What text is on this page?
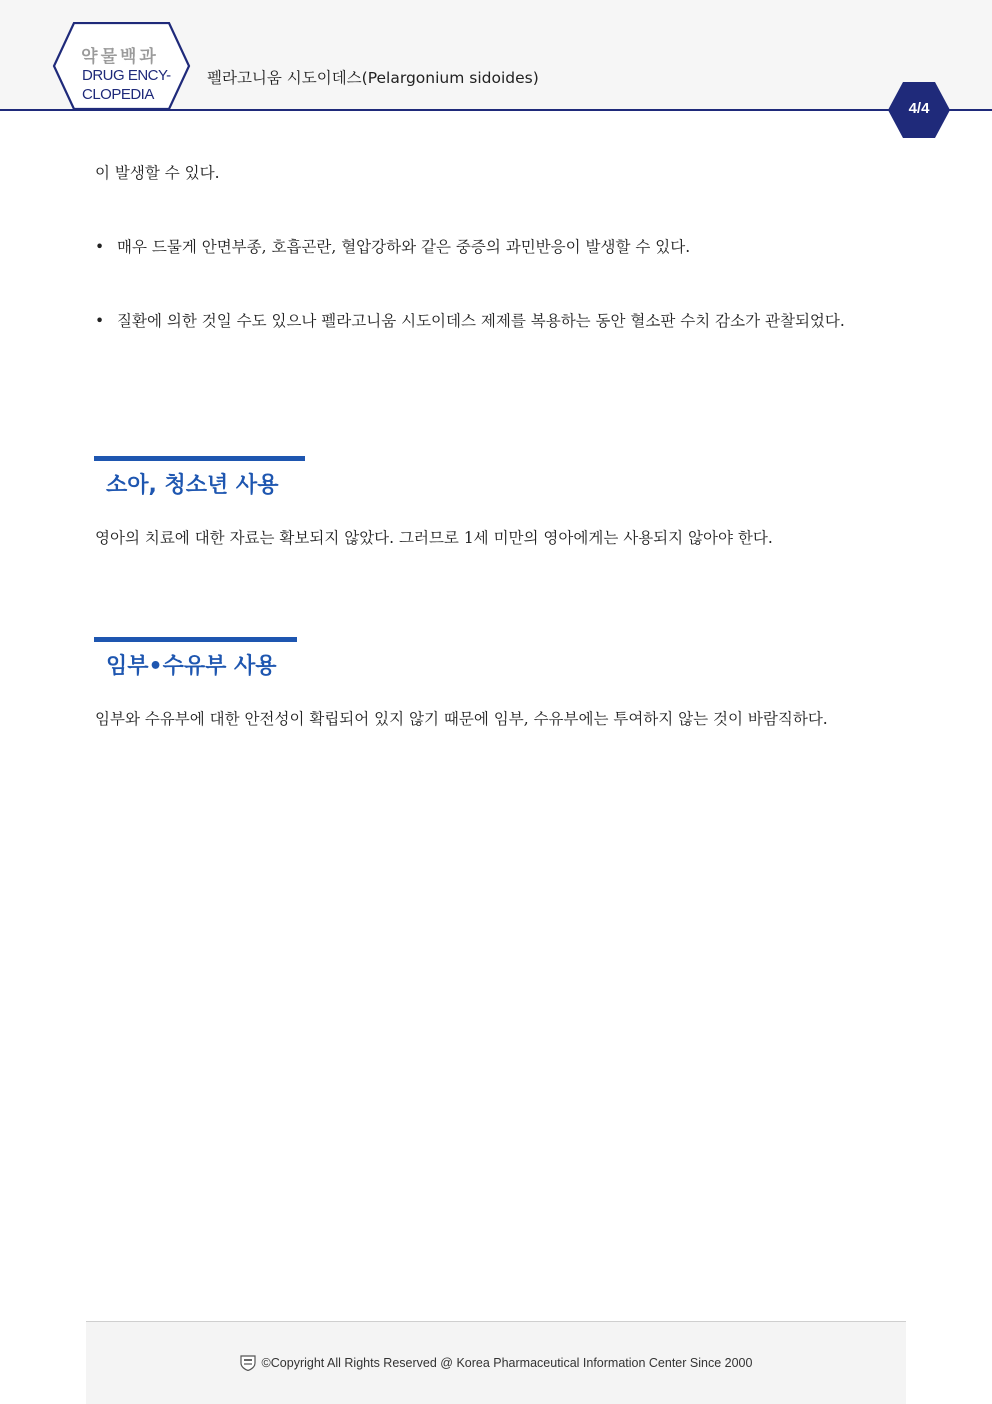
약물백과
DRUG ENCY-
CLOPEDIA
펠라고니움 시도이데스(Pelargonium sidoides)
4/4
이 발생할 수 있다.
• 매우 드물게 안면부종, 호흡곤란, 혈압강하와 같은 중증의 과민반응이 발생할 수 있다.
• 질환에 의한 것일 수도 있으나 펠라고니움 시도이데스 제제를 복용하는 동안 혈소판 수치 감소가 관찰되었다.
소아, 청소년 사용
영아의 치료에 대한 자료는 확보되지 않았다. 그러므로 1세 미만의 영아에게는 사용되지 않아야 한다.
임부•수유부 사용
임부와 수유부에 대한 안전성이 확립되어 있지 않기 때문에 임부, 수유부에는 투여하지 않는 것이 바람직하다.
©Copyright All Rights Reserved @ Korea Pharmaceutical Information Center Since 2000
